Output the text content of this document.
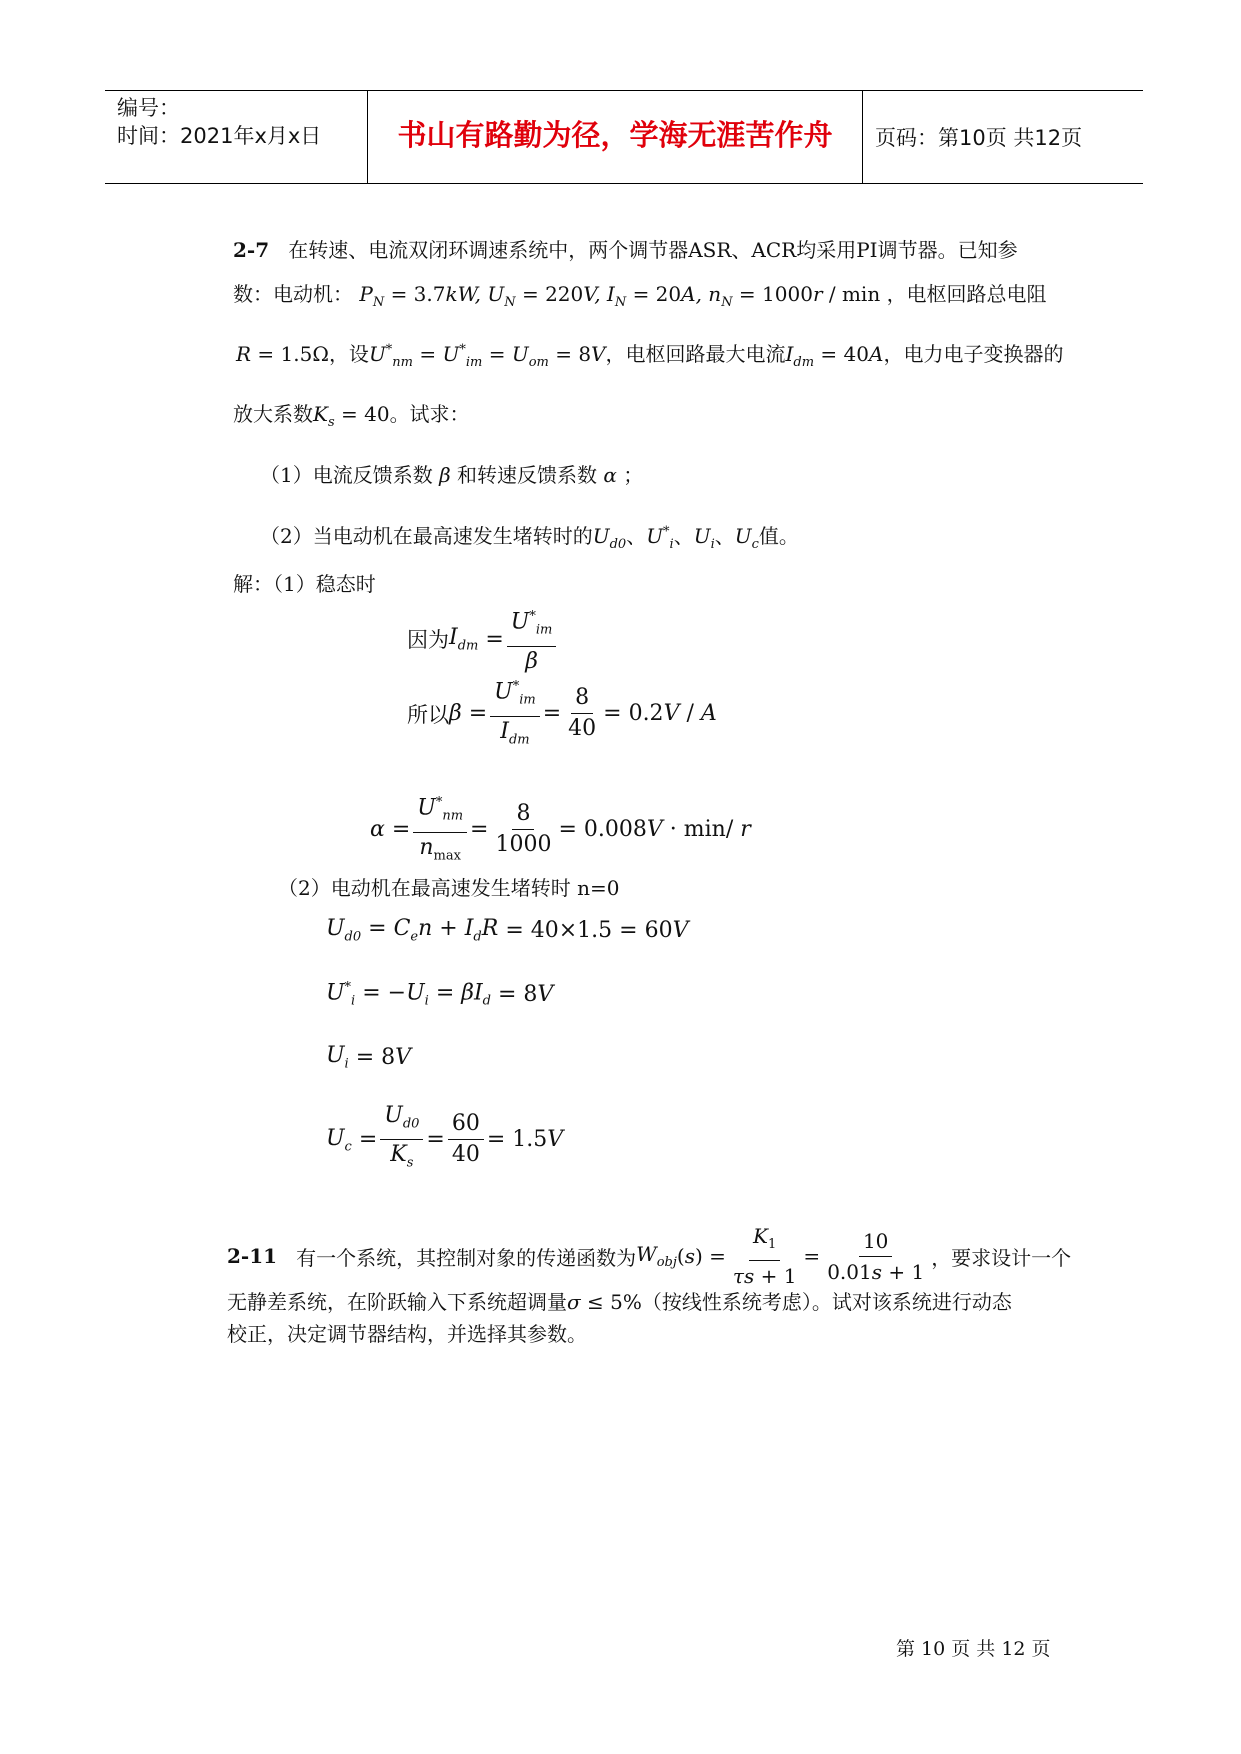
编号：
时间：2021年x月x日	书山有路勤为径，学海无涯苦作舟	页码：第10页 共12页
2-7 在转速、电流双闭环调速系统中，两个调节器ASR、ACR均采用PI调节器。已知参
数：电动机： $P_N = 3.7kW$, $U_N = 220V$, $I_N = 20A$, $n_N = 1000r / \min$ ，电枢回路总电阻
R = 1.5Ω，设$U^*_{nm} = U^*_{im} = U_{om} = 8V$，电枢回路最大电流$I_{dm} = 40A$，电力电子变换器的
放大系数$K_s = 40$。试求：
（1）电流反馈系数 β 和转速反馈系数 α ；
（2）当电动机在最高速发生堵转时的$U_{d0}$、$U^*_i$、$U_i$、$U_c$值。
解：（1）稳态时
因为 $I_{dm}$
= $\frac{U^*_{im}}{\beta}$
所以 β
= $\frac{U^*_{im}}{I_{dm}} = \frac{8}{40} = 0.2$ V / A
α
= $\frac{U^*_{nm}}{n_{max}} = \frac{8}{1000} = 0.008$ V · min/ r
（2）电动机在最高速发生堵转时 n=0
$U_{d0} = C_en + I_dR$
= 40×1.5 = 60 V
$U^*_i = -U_i = \beta I_d$
= 8 V
$U_i$
= 8 V
$U_c$
= $\frac{U_{d0}}{K_s} = \frac{60}{40} = 1.5$ V
2-11
有一个系统，其控制对象的传递函数为 $W_{obj}$ ( s ) = $\frac{K_1}{\tau s + 1} = \frac{10}{0.01s + 1}$ ，要求设计一个
无静差系统，在阶跃输入下系统超调量σ ≤ 5%（按线性系统考虑）。试对该系统进行动态
校正，决定调节器结构，并选择其参数。
第 10 页 共 12 页
